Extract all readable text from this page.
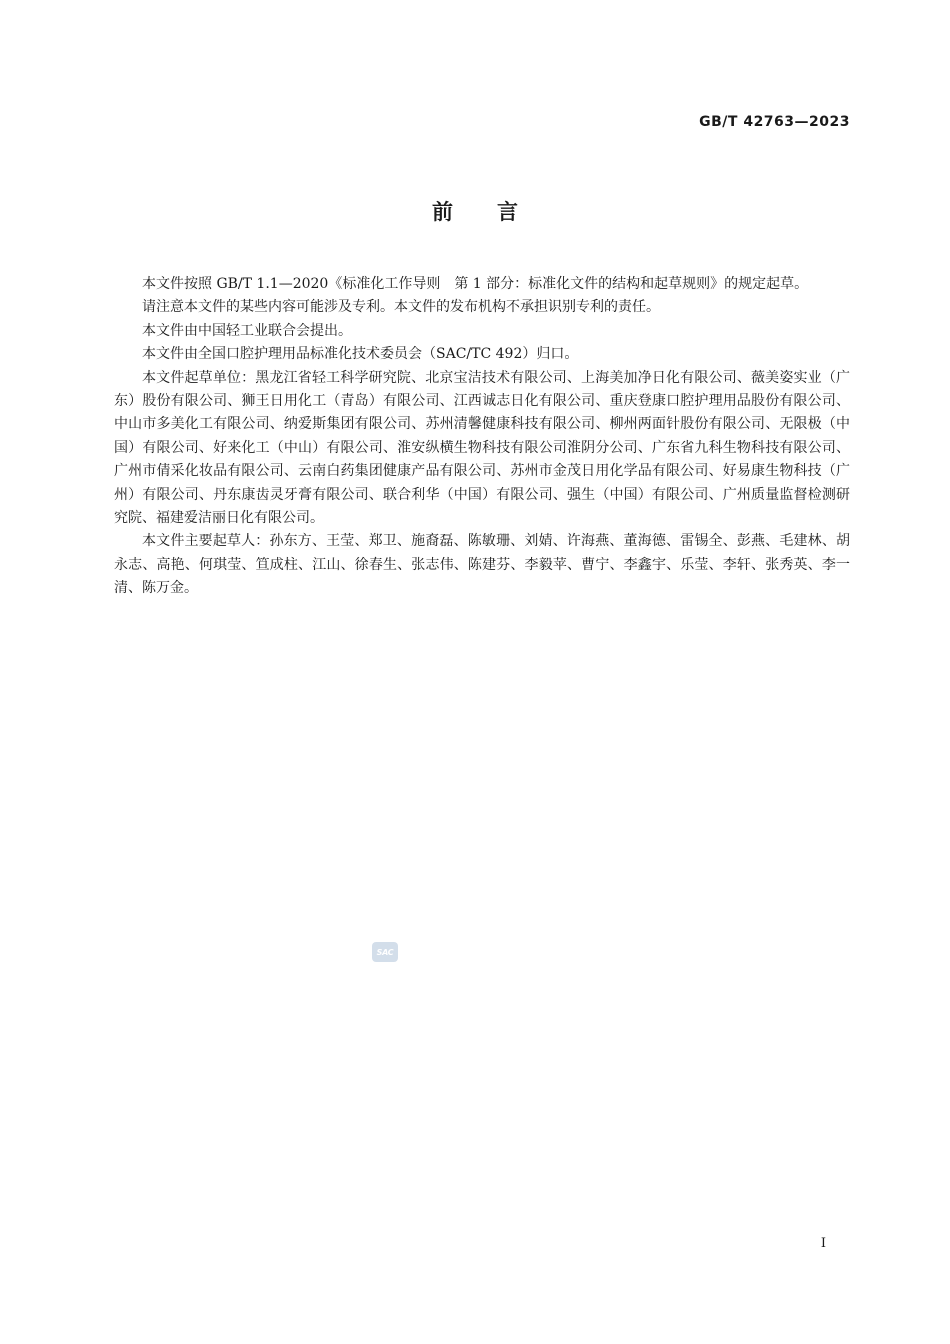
GB/T 42763—2023
前言

本文件按照 GB/T 1.1—2020《标准化工作导则　第 1 部分：标准化文件的结构和起草规则》的规定起草。

请注意本文件的某些内容可能涉及专利。本文件的发布机构不承担识别专利的责任。

本文件由中国轻工业联合会提出。

本文件由全国口腔护理用品标准化技术委员会（SAC/TC 492）归口。

本文件起草单位：黑龙江省轻工科学研究院、北京宝洁技术有限公司、上海美加净日化有限公司、薇美姿实业（广东）股份有限公司、狮王日用化工（青岛）有限公司、江西诚志日化有限公司、重庆登康口腔护理用品股份有限公司、中山市多美化工有限公司、纳爱斯集团有限公司、苏州清馨健康科技有限公司、柳州两面针股份有限公司、无限极（中国）有限公司、好来化工（中山）有限公司、淮安纵横生物科技有限公司淮阴分公司、广东省九科生物科技有限公司、广州市倩采化妆品有限公司、云南白药集团健康产品有限公司、苏州市金茂日用化学品有限公司、好易康生物科技（广州）有限公司、丹东康齿灵牙膏有限公司、联合利华（中国）有限公司、强生（中国）有限公司、广州质量监督检测研究院、福建爱洁丽日化有限公司。

本文件主要起草人：孙东方、王莹、郑卫、施裔磊、陈敏珊、刘婧、许海燕、董海德、雷锡全、彭燕、毛建林、胡永志、高艳、何琪莹、笪成柱、江山、徐春生、张志伟、陈建芬、李毅苹、曹宁、李鑫宇、乐莹、李轩、张秀英、李一清、陈万金。

SAC
I
